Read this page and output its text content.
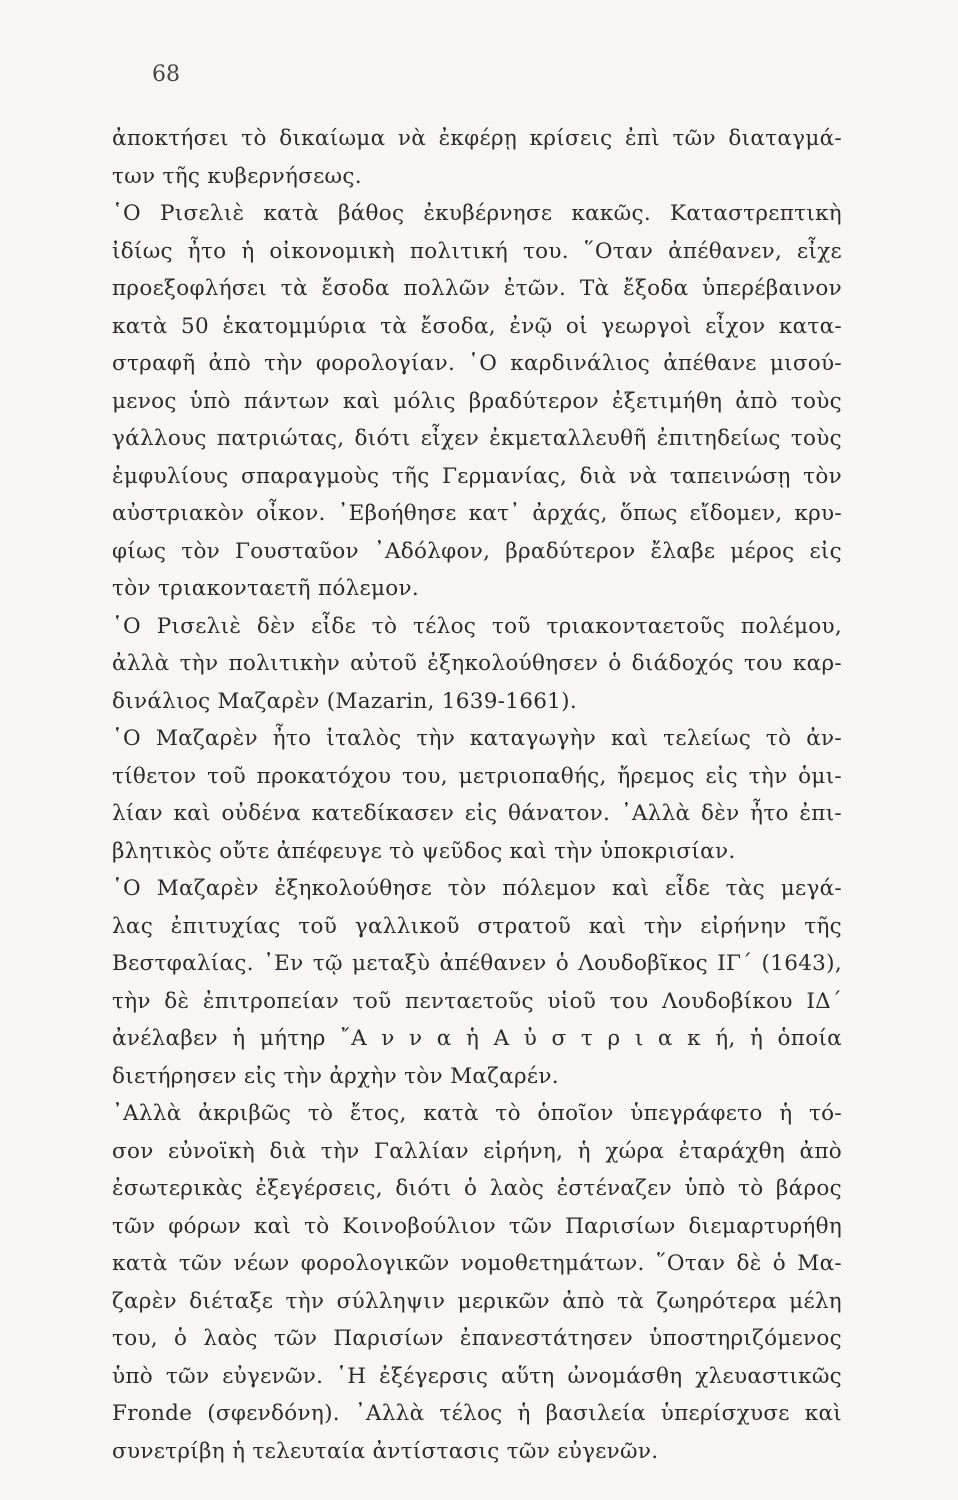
68
ἀποκτήσει τὸ δικαίωμα νὰ ἐκφέρῃ κρίσεις ἐπὶ τῶν διαταγμά-
των τῆς κυβερνήσεως.
῾Ο Ρισελιὲ κατὰ βάθος ἐκυβέρνησε κακῶς. Καταστρεπτικὴ
ἰδίως ἦτο ἡ οἰκονομικὴ πολιτική του. ῞Οταν ἀπέθανεν, εἶχε
προεξοφλήσει τὰ ἔσοδα πολλῶν ἐτῶν. Τὰ ἔξοδα ὑπερέβαινον
κατὰ 50 ἑκατομμύρια τὰ ἔσοδα, ἐνῷ οἱ γεωργοὶ εἶχον κατα-
στραφῆ ἀπὸ τὴν φορολογίαν. ῾Ο καρδινάλιος ἀπέθανε μισού-
μενος ὑπὸ πάντων καὶ μόλις βραδύτερον ἐξετιμήθη ἀπὸ τοὺς
γάλλους πατριώτας, διότι εἶχεν ἐκμεταλλευθῆ ἐπιτηδείως τοὺς
ἐμφυλίους σπαραγμοὺς τῆς Γερμανίας, διὰ νὰ ταπεινώσῃ τὸν
αὐστριακὸν οἶκον. ᾿Εβοήθησε κατ᾿ ἀρχάς, ὅπως εἴδομεν, κρυ-
φίως τὸν Γουσταῦον ᾿Αδόλφον, βραδύτερον ἔλαβε μέρος εἰς
τὸν τριακονταετῆ πόλεμον.
῾Ο Ρισελιὲ δὲν εἶδε τὸ τέλος τοῦ τριακονταετοῦς πολέμου,
ἀλλὰ τὴν πολιτικὴν αὐτοῦ ἐξηκολούθησεν ὁ διάδοχός του καρ-
δινάλιος Μαζαρὲν (Mazarin, 1639-1661).
῾Ο Μαζαρὲν ἦτο ἰταλὸς τὴν καταγωγὴν καὶ τελείως τὸ ἀν-
τίθετον τοῦ προκατόχου του, μετριοπαθής, ἤρεμος εἰς τὴν ὁμι-
λίαν καὶ οὐδένα κατεδίκασεν εἰς θάνατον. ᾿Αλλὰ δὲν ἦτο ἐπι-
βλητικὸς οὔτε ἀπέφευγε τὸ ψεῦδος καὶ τὴν ὑποκρισίαν.
῾Ο Μαζαρὲν ἐξηκολούθησε τὸν πόλεμον καὶ εἶδε τὰς μεγά-
λας ἐπιτυχίας τοῦ γαλλικοῦ στρατοῦ καὶ τὴν εἰρήνην τῆς
Βεστφαλίας. ᾿Εν τῷ μεταξὺ ἀπέθανεν ὁ Λουδοβῖκος ΙΓ΄ (1643),
τὴν δὲ ἐπιτροπείαν τοῦ πενταετοῦς υἱοῦ του Λουδοβίκου ΙΔ΄
ἀνέλαβεν ἡ μήτηρ ῎Α ν ν α ἡ Α ὐ σ τ ρ ι α κ ή, ἡ ὁποία
διετήρησεν εἰς τὴν ἀρχὴν τὸν Μαζαρέν.
᾿Αλλὰ ἀκριβῶς τὸ ἔτος, κατὰ τὸ ὁποῖον ὑπεγράφετο ἡ τό-
σον εὐνοϊκὴ διὰ τὴν Γαλλίαν εἰρήνη, ἡ χώρα ἐταράχθη ἀπὸ
ἐσωτερικὰς ἐξεγέρσεις, διότι ὁ λαὸς ἐστέναζεν ὑπὸ τὸ βάρος
τῶν φόρων καὶ τὸ Κοινοβούλιον τῶν Παρισίων διεμαρτυρήθη
κατὰ τῶν νέων φορολογικῶν νομοθετημάτων. ῞Οταν δὲ ὁ Μα-
ζαρὲν διέταξε τὴν σύλληψιν μερικῶν ἀπὸ τὰ ζωηρότερα μέλη
του, ὁ λαὸς τῶν Παρισίων ἐπανεστάτησεν ὑποστηριζόμενος
ὑπὸ τῶν εὐγενῶν. ῾Η ἐξέγερσις αὕτη ὠνομάσθη χλευαστικῶς
Fronde (σφενδόνη). ᾿Αλλὰ τέλος ἡ βασιλεία ὑπερίσχυσε καὶ
συνετρίβη ἡ τελευταία ἀντίστασις τῶν εὐγενῶν.
